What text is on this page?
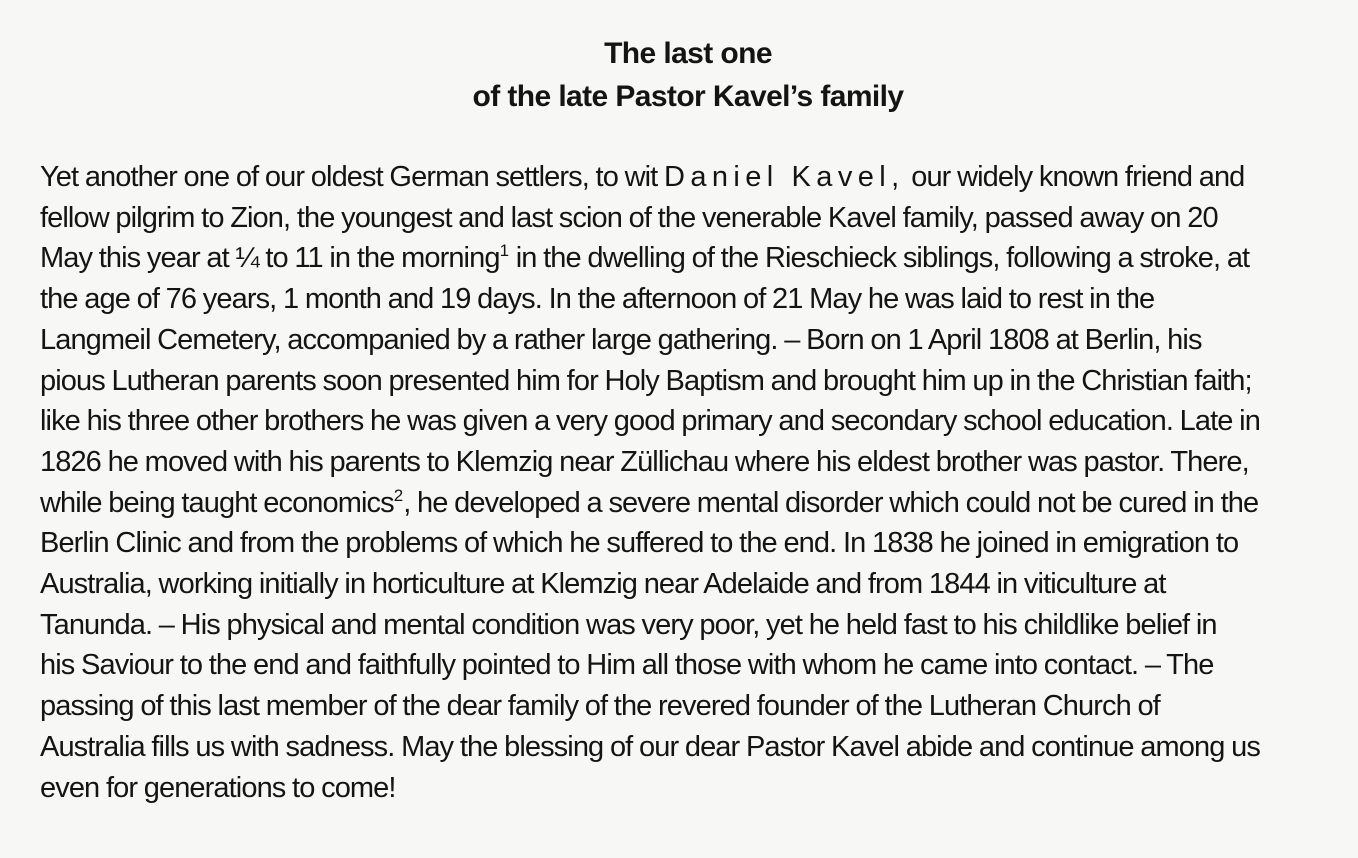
The last one
of the late Pastor Kavel’s family
Yet another one of our oldest German settlers, to wit Daniel Kavel, our widely known friend and
fellow pilgrim to Zion, the youngest and last scion of the venerable Kavel family, passed away on 20
May this year at ¼ to 11 in the morning$^1$ in the dwelling of the Rieschieck siblings, following a stroke, at
the age of 76 years, 1 month and 19 days. In the afternoon of 21 May he was laid to rest in the
Langmeil Cemetery, accompanied by a rather large gathering. – Born on 1 April 1808 at Berlin, his
pious Lutheran parents soon presented him for Holy Baptism and brought him up in the Christian faith;
like his three other brothers he was given a very good primary and secondary school education. Late in
1826 he moved with his parents to Klemzig near Züllichau where his eldest brother was pastor. There,
while being taught economics$^2$, he developed a severe mental disorder which could not be cured in the
Berlin Clinic and from the problems of which he suffered to the end. In 1838 he joined in emigration to
Australia, working initially in horticulture at Klemzig near Adelaide and from 1844 in viticulture at
Tanunda. – His physical and mental condition was very poor, yet he held fast to his childlike belief in
his Saviour to the end and faithfully pointed to Him all those with whom he came into contact. – The
passing of this last member of the dear family of the revered founder of the Lutheran Church of
Australia fills us with sadness. May the blessing of our dear Pastor Kavel abide and continue among us
even for generations to come!
